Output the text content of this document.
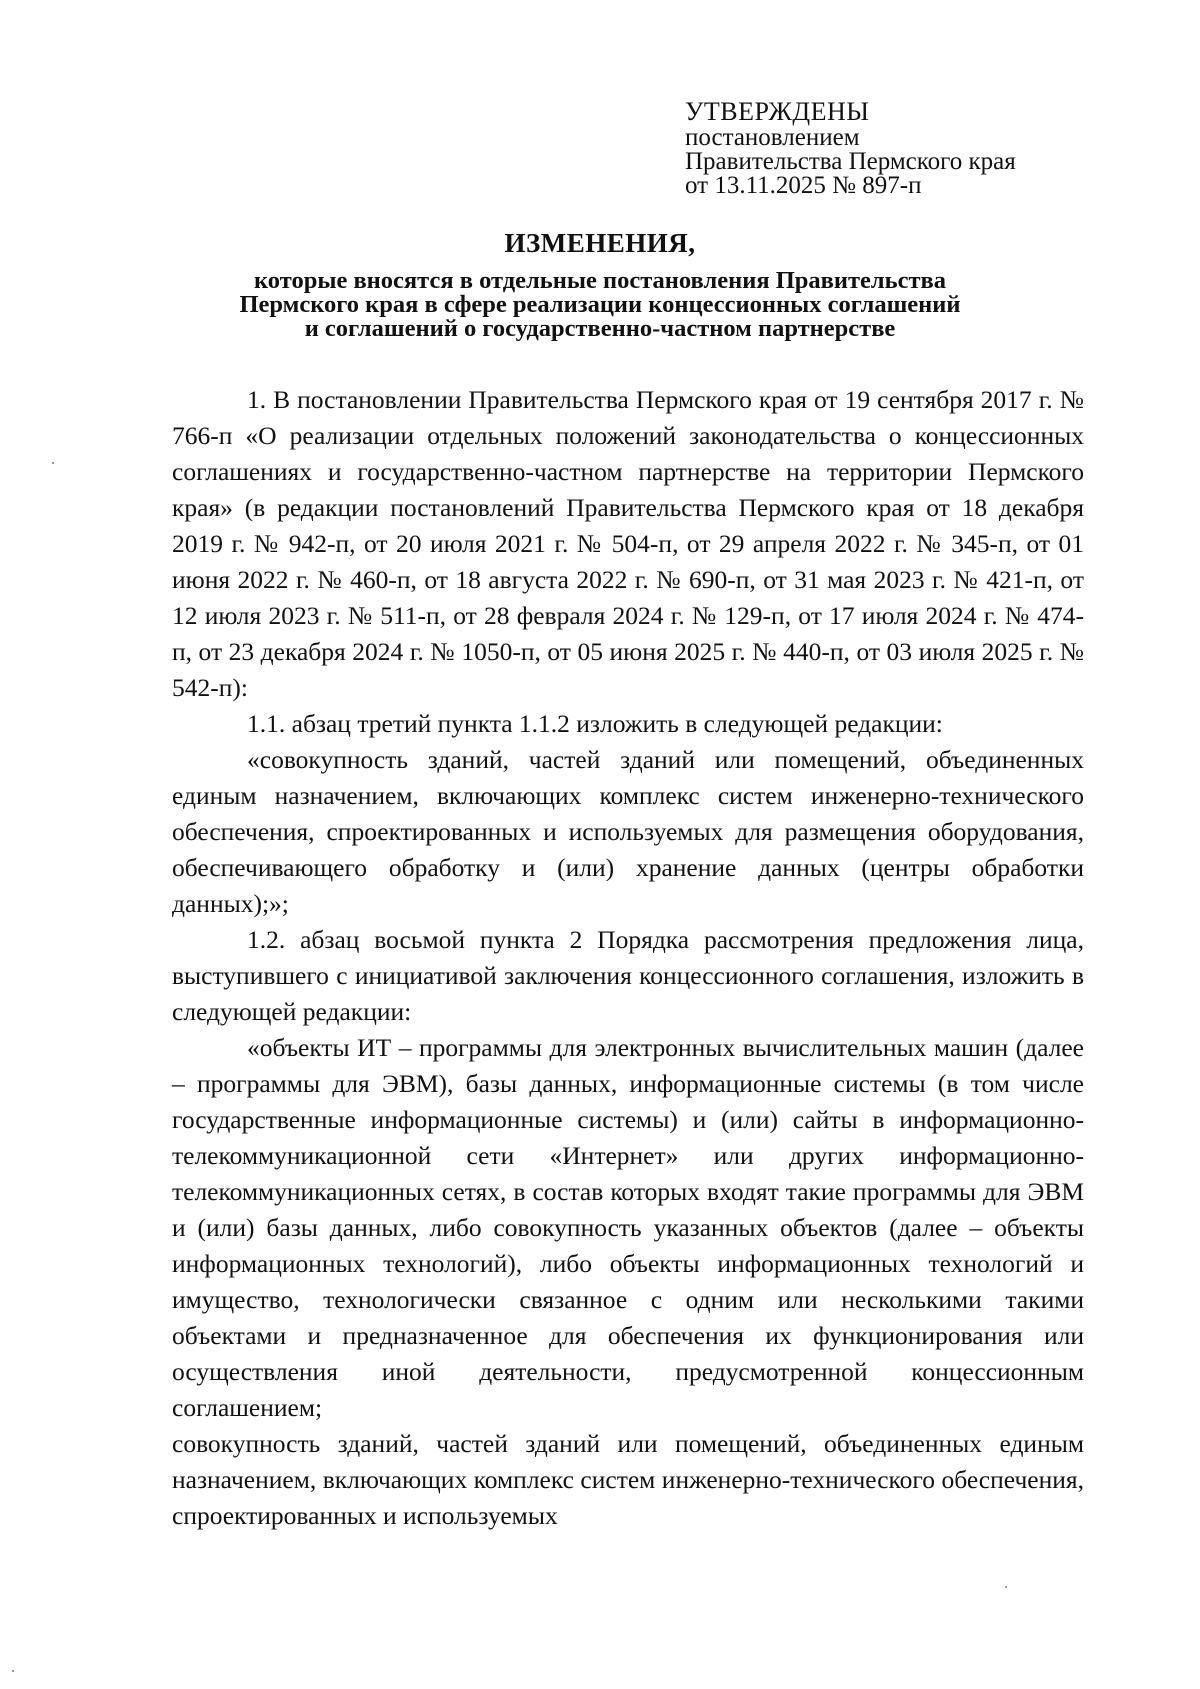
УТВЕРЖДЕНЫ
постановлением
Правительства Пермского края
от 13.11.2025 № 897-п
ИЗМЕНЕНИЯ,
которые вносятся в отдельные постановления Правительства
Пермского края в сфере реализации концессионных соглашений
и соглашений о государственно-частном партнерстве

1. В постановлении Правительства Пермского края от 19 сентября 2017 г. № 766-п «О реализации отдельных положений законодательства о концессионных соглашениях и государственно-частном партнерстве на территории Пермского края» (в редакции постановлений Правительства Пермского края от 18 декабря 2019 г. № 942-п, от 20 июля 2021 г. № 504-п, от 29 апреля 2022 г. № 345-п, от 01 июня 2022 г. № 460-п, от 18 августа 2022 г. № 690-п, от 31 мая 2023 г. № 421-п, от 12 июля 2023 г. № 511-п, от 28 февраля 2024 г. № 129-п, от 17 июля 2024 г. № 474-п, от 23 декабря 2024 г. № 1050-п, от 05 июня 2025 г. № 440-п, от 03 июля 2025 г. № 542-п):

1.1. абзац третий пункта 1.1.2 изложить в следующей редакции:

«совокупность зданий, частей зданий или помещений, объединенных единым назначением, включающих комплекс систем инженерно-технического обеспечения, спроектированных и используемых для размещения оборудования, обеспечивающего обработку и (или) хранение данных (центры обработки данных);»;

1.2. абзац восьмой пункта 2 Порядка рассмотрения предложения лица, выступившего с инициативой заключения концессионного соглашения, изложить в следующей редакции:

«объекты ИТ – программы для электронных вычислительных машин (далее – программы для ЭВМ), базы данных, информационные системы (в том числе государственные информационные системы) и (или) сайты в информационно-телекоммуникационной сети «Интернет» или других информационно-телекоммуникационных сетях, в состав которых входят такие программы для ЭВМ и (или) базы данных, либо совокупность указанных объектов (далее – объекты информационных технологий), либо объекты информационных технологий и имущество, технологически связанное с одним или несколькими такими объектами и предназначенное для обеспечения их функционирования или осуществления иной деятельности, предусмотренной концессионным соглашением;

совокупность зданий, частей зданий или помещений, объединенных единым назначением, включающих комплекс систем инженерно-технического обеспечения, спроектированных и используемых
